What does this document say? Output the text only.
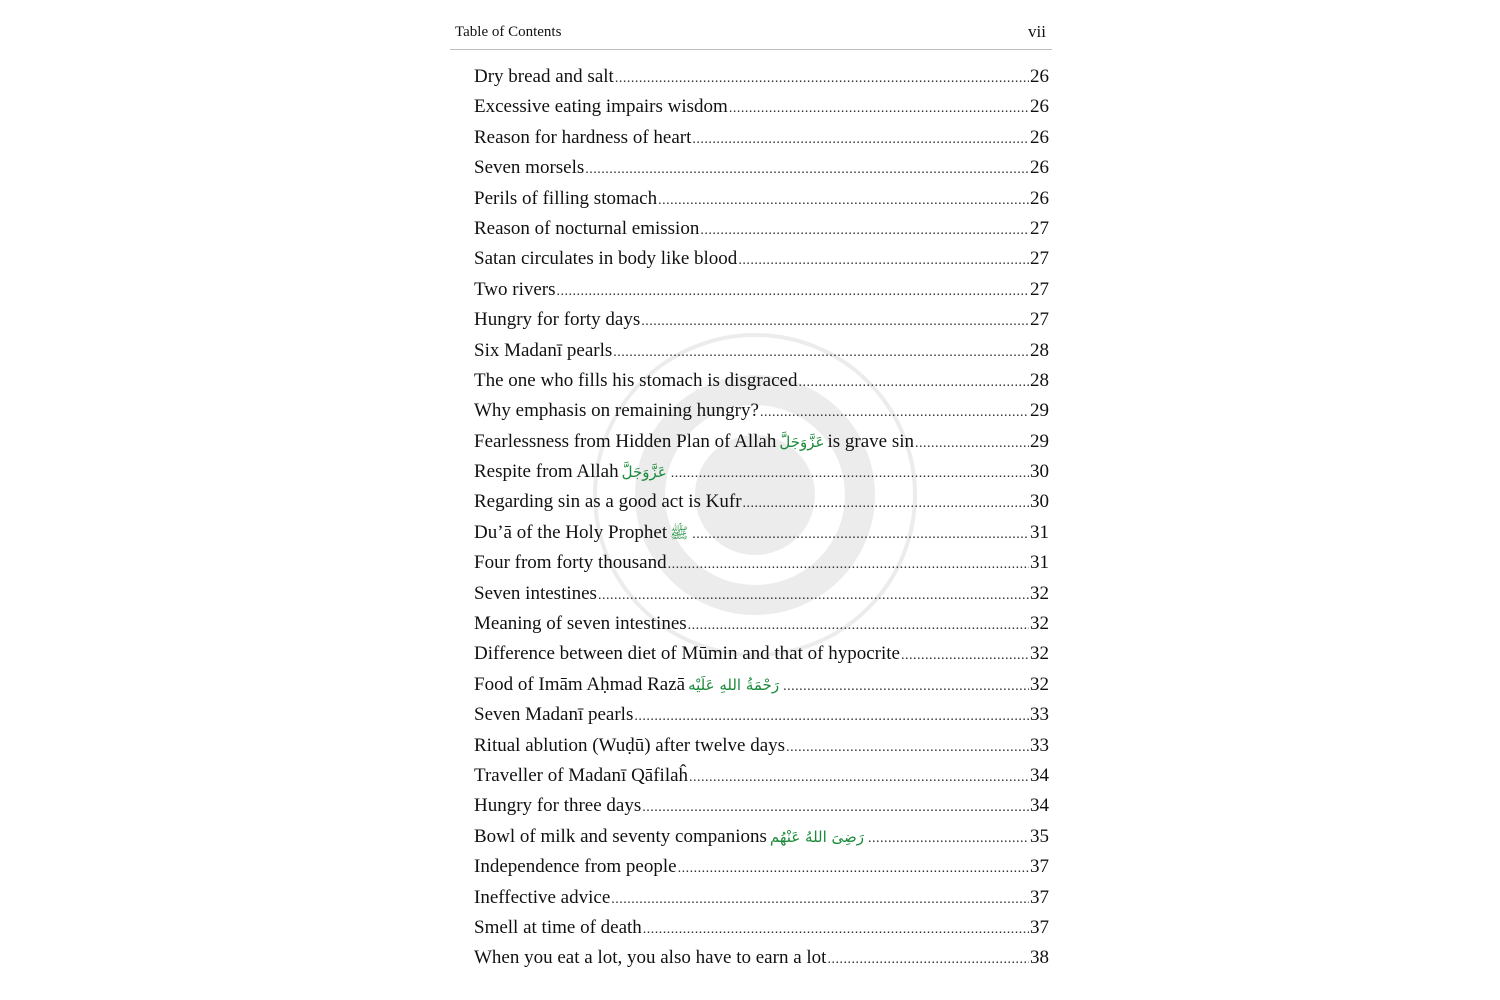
Table of Contents	vii
Dry bread and salt .....	26
Excessive eating impairs wisdom .....	26
Reason for hardness of heart .....	26
Seven morsels .....	26
Perils of filling stomach .....	26
Reason of nocturnal emission .....	27
Satan circulates in body like blood .....	27
Two rivers .....	27
Hungry for forty days .....	27
Six Madanī pearls .....	28
The one who fills his stomach is disgraced .....	28
Why emphasis on remaining hungry? .....	29
Fearlessness from Hidden Plan of Allah عَزَّوَجَلَّ is grave sin .....	29
Respite from Allah عَزَّوَجَلَّ .....	30
Regarding sin as a good act is Kufr .....	30
Du’ā of the Holy Prophet ﷺ .....	31
Four from forty thousand .....	31
Seven intestines .....	32
Meaning of seven intestines .....	32
Difference between diet of Mūmin and that of hypocrite .....	32
Food of Imām Aḥmad Razā رَحْمَةُ اللهِ عَلَيْه .....	32
Seven Madanī pearls .....	33
Ritual ablution (Wuḍū) after twelve days .....	33
Traveller of Madanī Qāfilaĥ .....	34
Hungry for three days .....	34
Bowl of milk and seventy companions رَضِىَ اللهُ عَنْهُم .....	35
Independence from people .....	37
Ineffective advice .....	37
Smell at time of death .....	37
When you eat a lot, you also have to earn a lot .....	38
